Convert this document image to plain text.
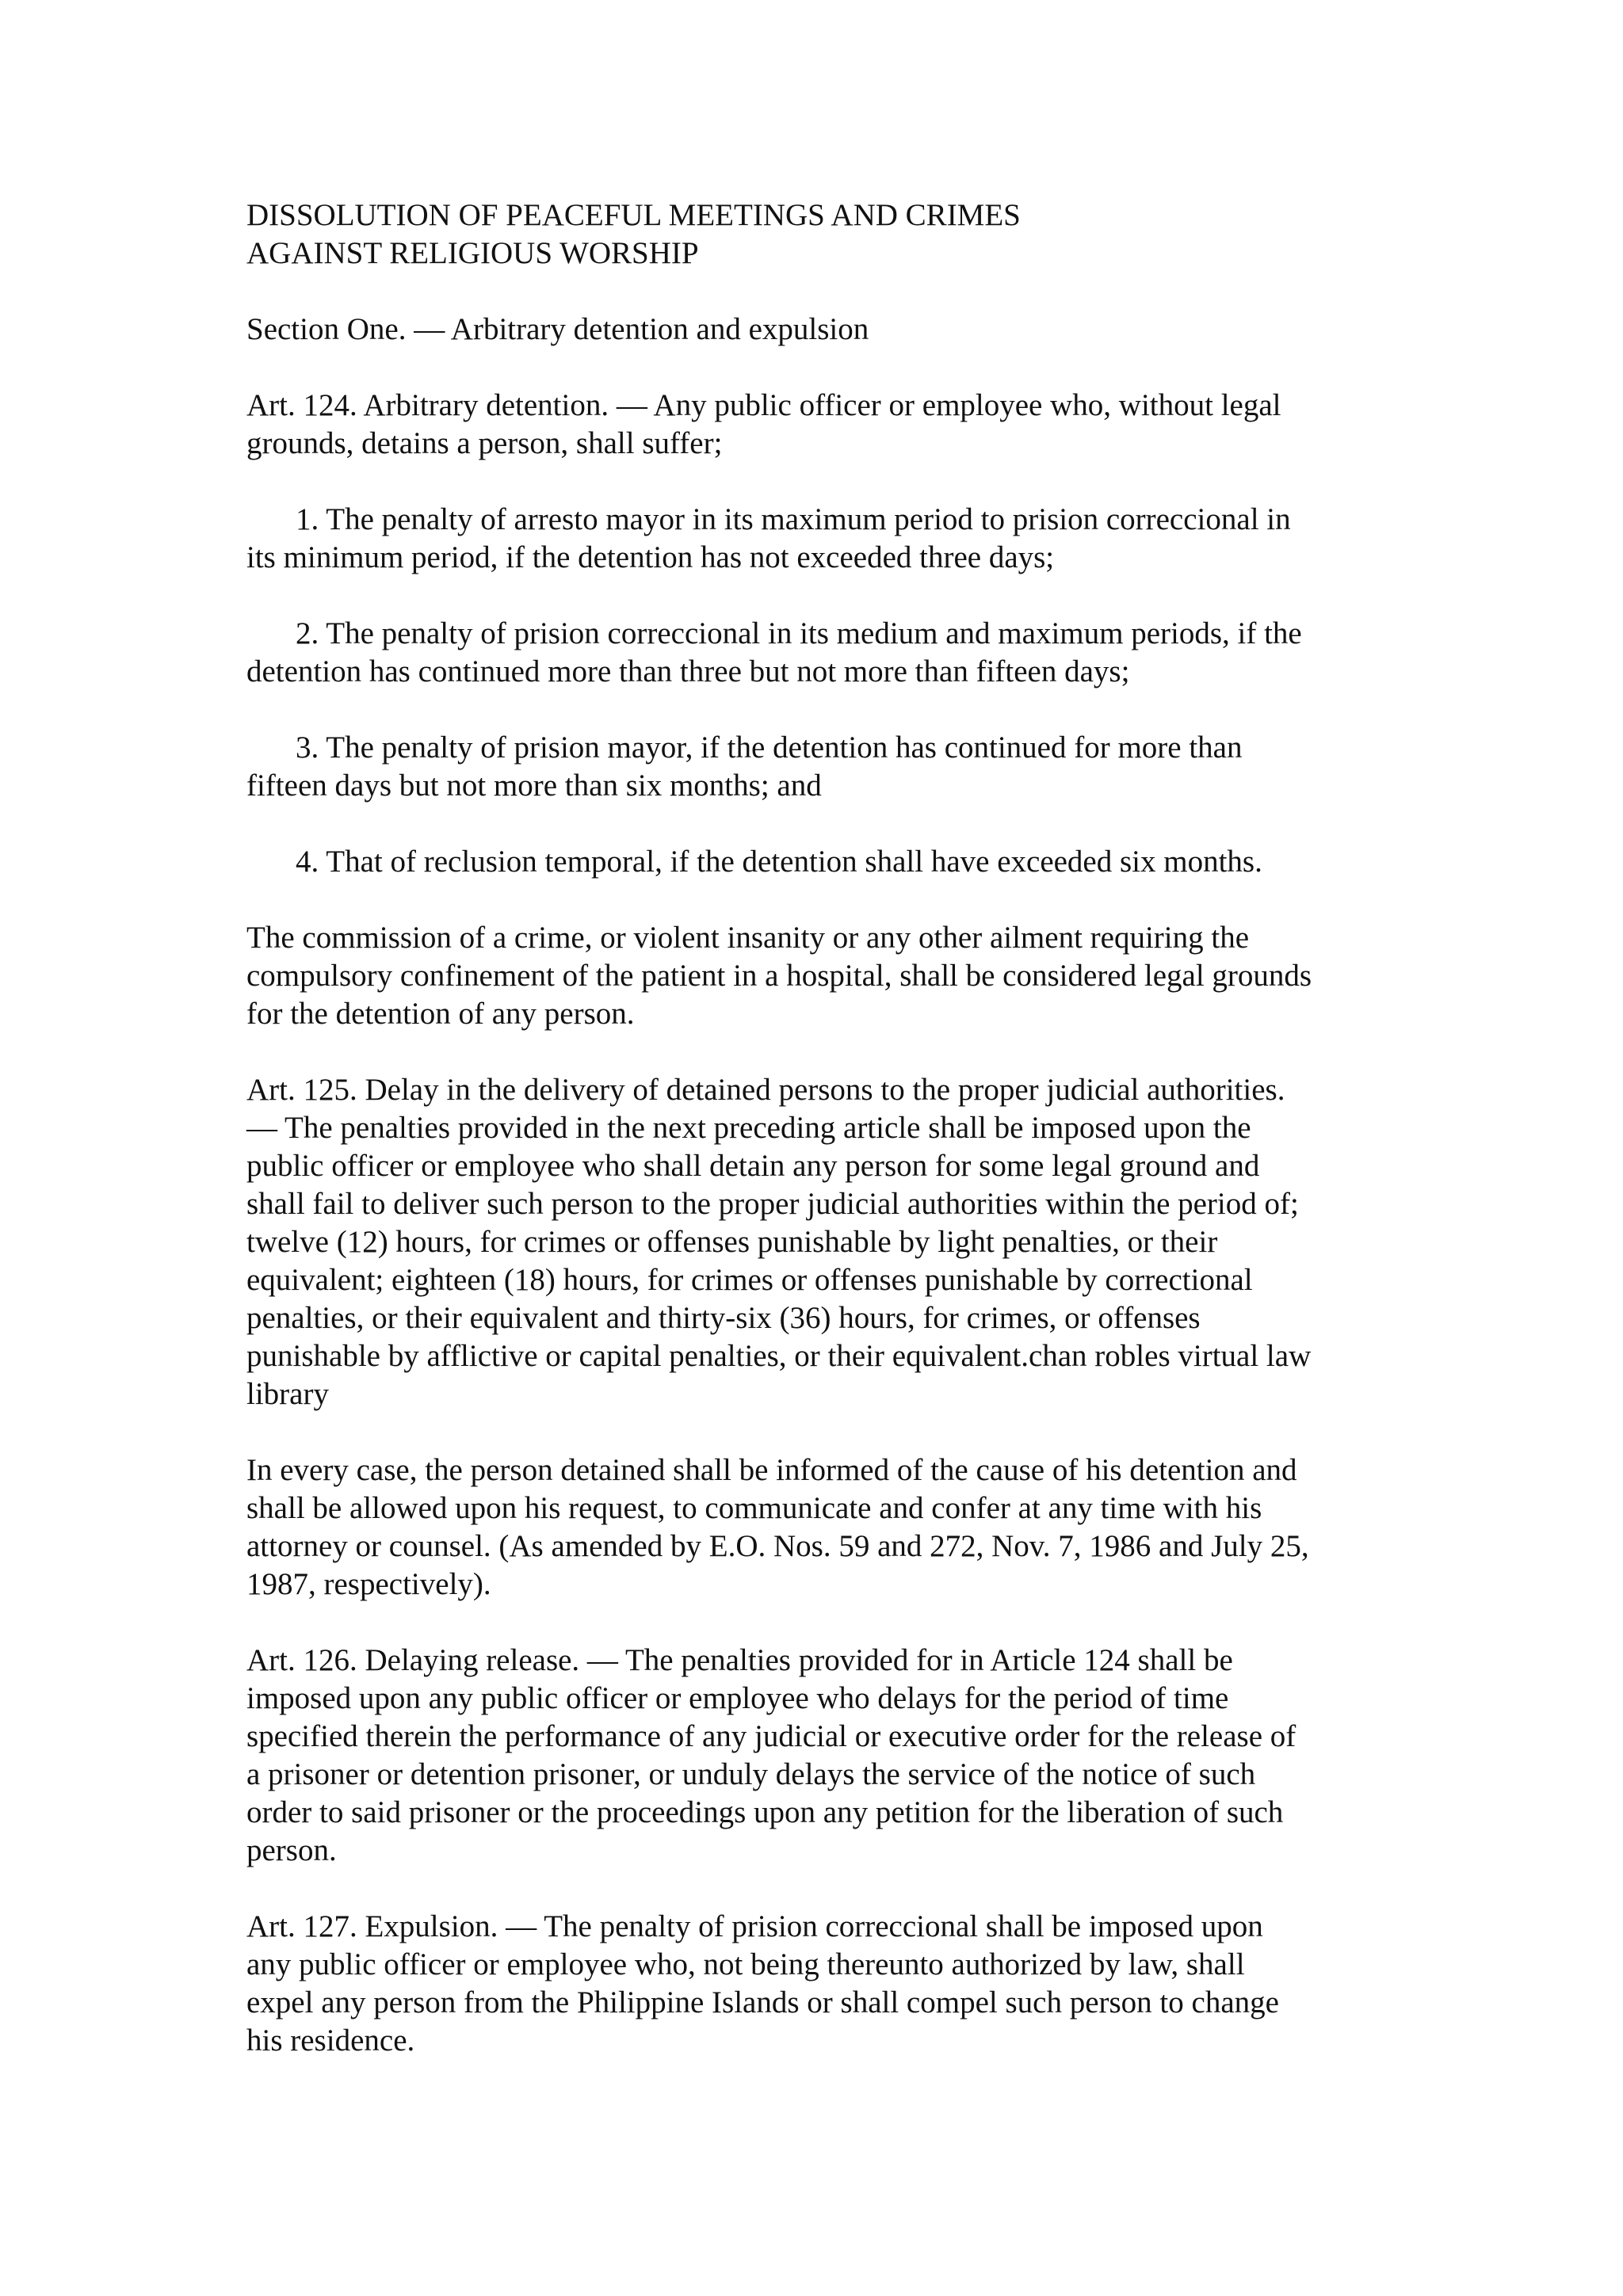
DISSOLUTION OF PEACEFUL MEETINGS AND CRIMES
AGAINST RELIGIOUS WORSHIP

Section One. — Arbitrary detention and expulsion

Art. 124. Arbitrary detention. — Any public officer or employee who, without legal
grounds, detains a person, shall suffer;

1. The penalty of arresto mayor in its maximum period to prision correccional in
its minimum period, if the detention has not exceeded three days;

2. The penalty of prision correccional in its medium and maximum periods, if the
detention has continued more than three but not more than fifteen days;

3. The penalty of prision mayor, if the detention has continued for more than
fifteen days but not more than six months; and

4. That of reclusion temporal, if the detention shall have exceeded six months.

The commission of a crime, or violent insanity or any other ailment requiring the
compulsory confinement of the patient in a hospital, shall be considered legal grounds
for the detention of any person.

Art. 125. Delay in the delivery of detained persons to the proper judicial authorities.
— The penalties provided in the next preceding article shall be imposed upon the
public officer or employee who shall detain any person for some legal ground and
shall fail to deliver such person to the proper judicial authorities within the period of;
twelve (12) hours, for crimes or offenses punishable by light penalties, or their
equivalent; eighteen (18) hours, for crimes or offenses punishable by correctional
penalties, or their equivalent and thirty-six (36) hours, for crimes, or offenses
punishable by afflictive or capital penalties, or their equivalent.chan robles virtual law
library

In every case, the person detained shall be informed of the cause of his detention and
shall be allowed upon his request, to communicate and confer at any time with his
attorney or counsel. (As amended by E.O. Nos. 59 and 272, Nov. 7, 1986 and July 25,
1987, respectively).

Art. 126. Delaying release. — The penalties provided for in Article 124 shall be
imposed upon any public officer or employee who delays for the period of time
specified therein the performance of any judicial or executive order for the release of
a prisoner or detention prisoner, or unduly delays the service of the notice of such
order to said prisoner or the proceedings upon any petition for the liberation of such
person.

Art. 127. Expulsion. — The penalty of prision correccional shall be imposed upon
any public officer or employee who, not being thereunto authorized by law, shall
expel any person from the Philippine Islands or shall compel such person to change
his residence.
